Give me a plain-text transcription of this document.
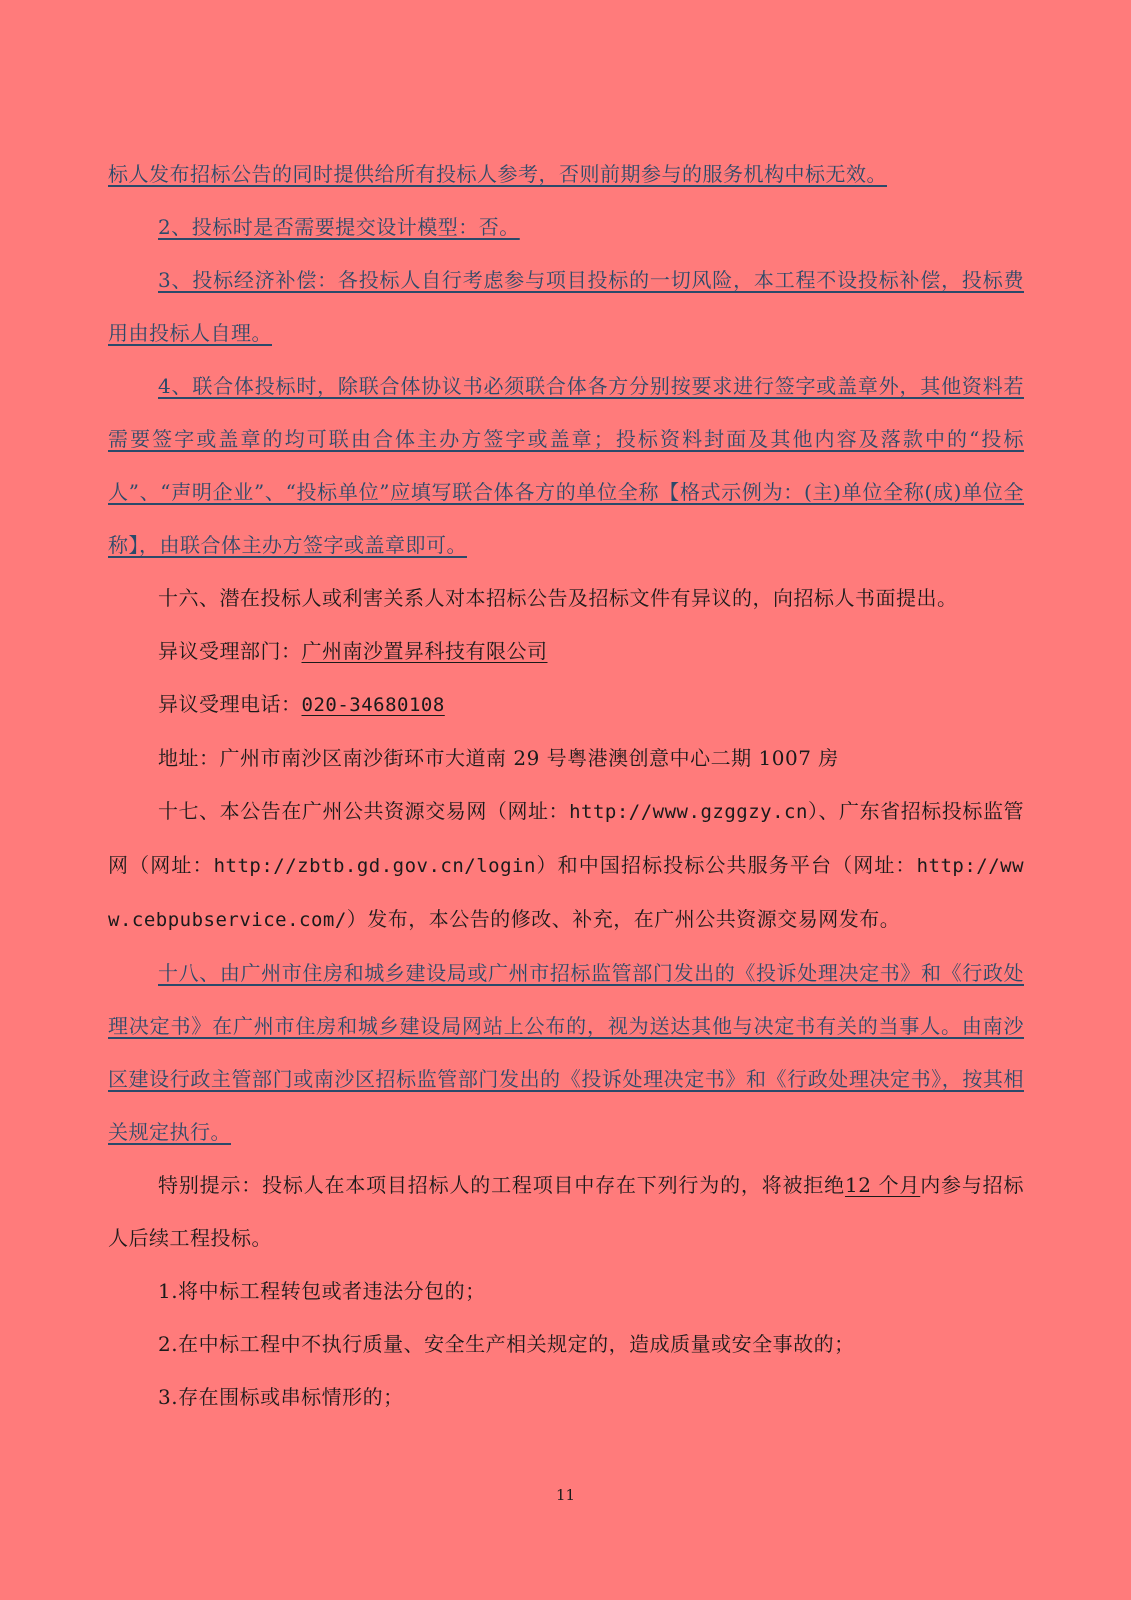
标人发布招标公告的同时提供给所有投标人参考，否则前期参与的服务机构中标无效。

2、投标时是否需要提交设计模型：否。

3、投标经济补偿：各投标人自行考虑参与项目投标的一切风险，本工程不设投标补偿，投标费用由投标人自理。

4、联合体投标时，除联合体协议书必须联合体各方分别按要求进行签字或盖章外，其他资料若需要签字或盖章的均可联由合体主办方签字或盖章；投标资料封面及其他内容及落款中的“投标人”、“声明企业”、“投标单位”应填写联合体各方的单位全称【格式示例为：(主)单位全称(成)单位全称】，由联合体主办方签字或盖章即可。

十六、潜在投标人或利害关系人对本招标公告及招标文件有异议的，向招标人书面提出。

异议受理部门：广州南沙置昇科技有限公司

异议受理电话：020-34680108

地址：广州市南沙区南沙街环市大道南 29 号粤港澳创意中心二期 1007 房

十七、本公告在广州公共资源交易网（网址：http://www.gzggzy.cn）、广东省招标投标监管网（网址：http://zbtb.gd.gov.cn/login）和中国招标投标公共服务平台（网址：http://www.cebpubservice.com/）发布，本公告的修改、补充，在广州公共资源交易网发布。

十八、由广州市住房和城乡建设局或广州市招标监管部门发出的《投诉处理决定书》和《行政处理决定书》在广州市住房和城乡建设局网站上公布的，视为送达其他与决定书有关的当事人。由南沙区建设行政主管部门或南沙区招标监管部门发出的《投诉处理决定书》和《行政处理决定书》，按其相关规定执行。

特别提示：投标人在本项目招标人的工程项目中存在下列行为的，将被拒绝12 个月内参与招标人后续工程投标。

1.将中标工程转包或者违法分包的；

2.在中标工程中不执行质量、安全生产相关规定的，造成质量或安全事故的；

3.存在围标或串标情形的；

11
